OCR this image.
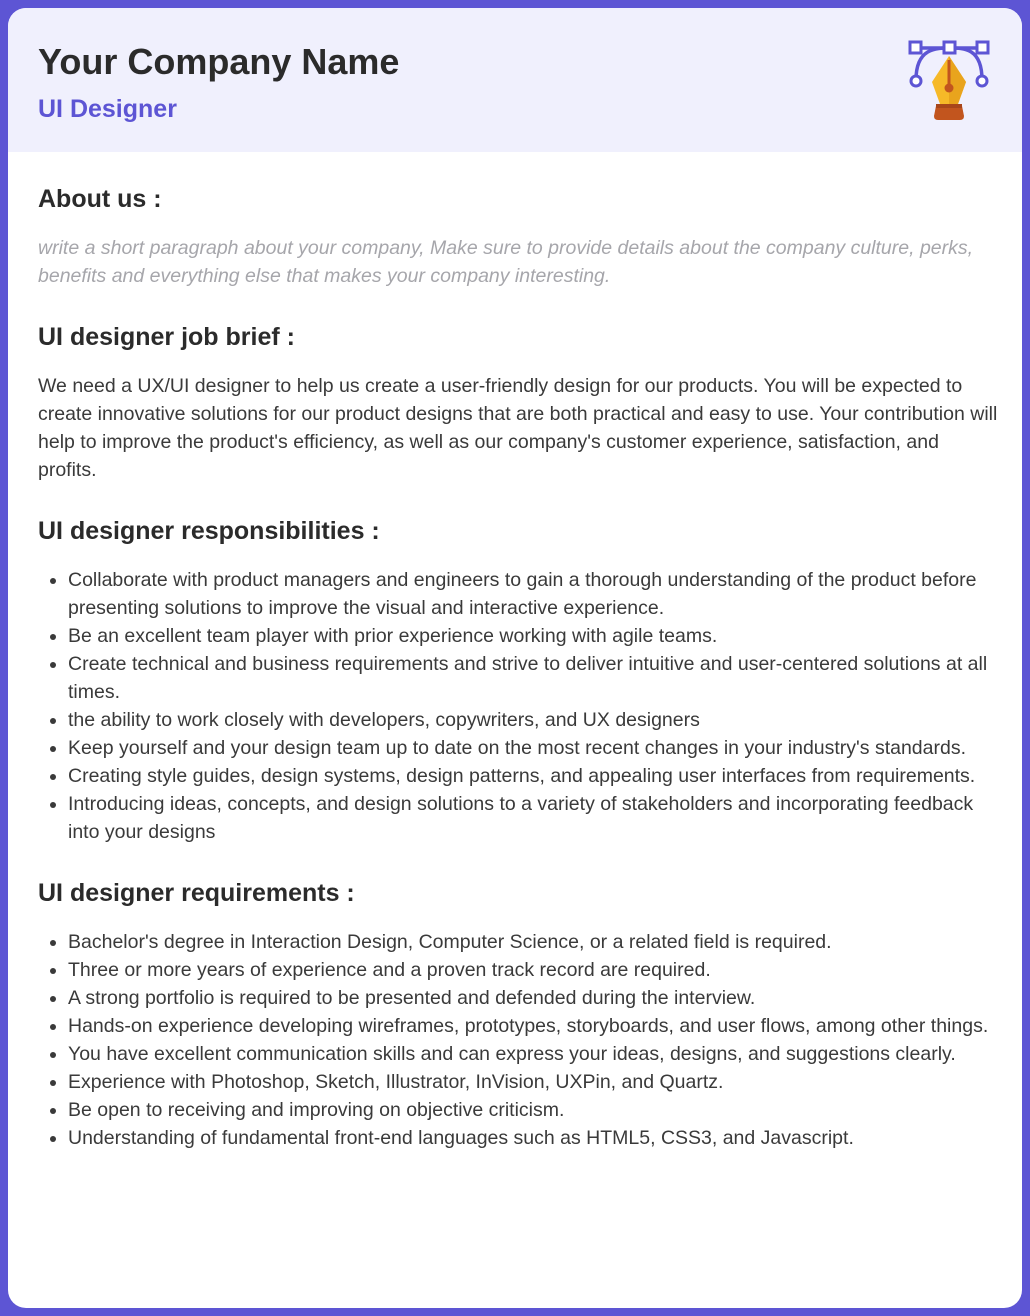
Your Company Name
UI Designer
About us :

write a short paragraph about your company, Make sure to provide details about the company culture, perks, benefits and everything else that makes your company interesting.

UI designer job brief :

We need a UX/UI designer to help us create a user-friendly design for our products. You will be expected to create innovative solutions for our product designs that are both practical and easy to use. Your contribution will help to improve the product's efficiency, as well as our company's customer experience, satisfaction, and profits.

UI designer responsibilities :
• Collaborate with product managers and engineers to gain a thorough understanding of the product before presenting solutions to improve the visual and interactive experience.
• Be an excellent team player with prior experience working with agile teams.
• Create technical and business requirements and strive to deliver intuitive and user-centered solutions at all times.
• the ability to work closely with developers, copywriters, and UX designers
• Keep yourself and your design team up to date on the most recent changes in your industry's standards.
• Creating style guides, design systems, design patterns, and appealing user interfaces from requirements.
• Introducing ideas, concepts, and design solutions to a variety of stakeholders and incorporating feedback into your designs
UI designer requirements :
• Bachelor's degree in Interaction Design, Computer Science, or a related field is required.
• Three or more years of experience and a proven track record are required.
• A strong portfolio is required to be presented and defended during the interview.
• Hands-on experience developing wireframes, prototypes, storyboards, and user flows, among other things.
• You have excellent communication skills and can express your ideas, designs, and suggestions clearly.
• Experience with Photoshop, Sketch, Illustrator, InVision, UXPin, and Quartz.
• Be open to receiving and improving on objective criticism.
• Understanding of fundamental front-end languages such as HTML5, CSS3, and Javascript.
